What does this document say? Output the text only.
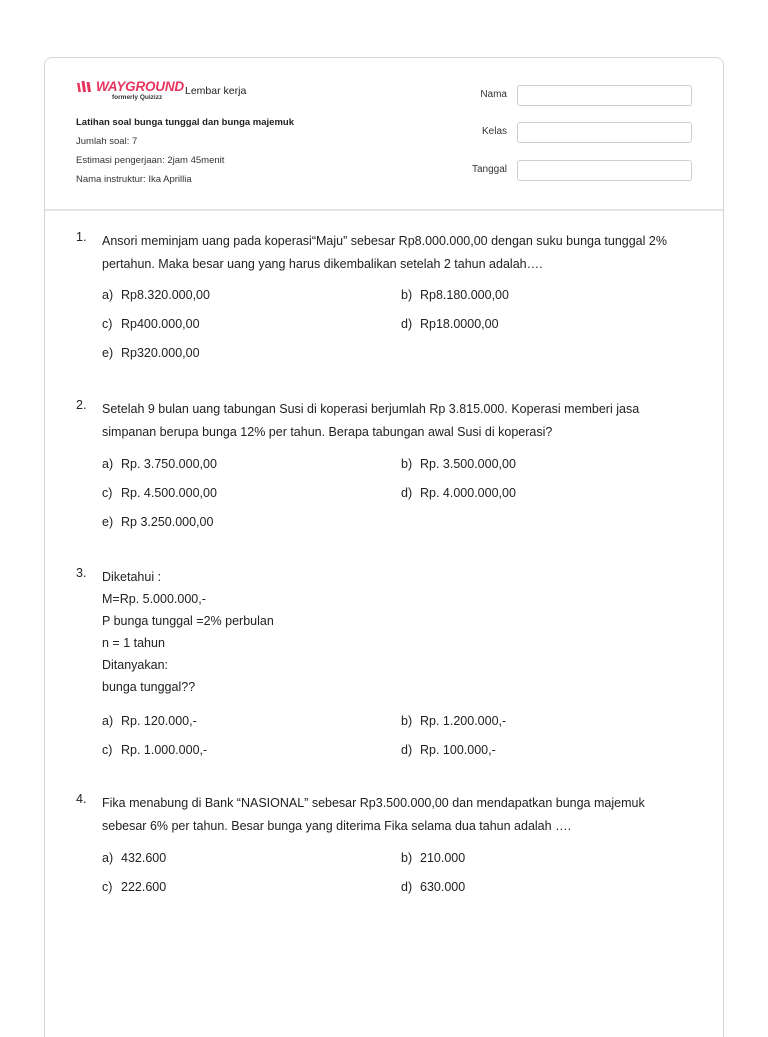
WAYGROUND
formerly Quizizz
Lembar kerja
Latihan soal bunga tunggal dan bunga majemuk
Jumlah soal: 7
Estimasi pengerjaan: 2jam 45menit
Nama instruktur: Ika Aprillia
Nama
Kelas
Tanggal
1. Ansori meminjam uang pada koperasi“Maju” sebesar Rp8.000.000,00 dengan suku bunga tunggal 2%
pertahun. Maka besar uang yang harus dikembalikan setelah 2 tahun adalah….
a) Rp8.320.000,00	b) Rp8.180.000,00
c) Rp400.000,00	d) Rp18.0000,00
e) Rp320.000,00
2. Setelah 9 bulan uang tabungan Susi di koperasi berjumlah Rp 3.815.000. Koperasi memberi jasa
simpanan berupa bunga 12% per tahun. Berapa tabungan awal Susi di koperasi?
a) Rp. 3.750.000,00	b) Rp. 3.500.000,00
c) Rp. 4.500.000,00	d) Rp. 4.000.000,00
e) Rp 3.250.000,00
3. Diketahui :
M=Rp. 5.000.000,-
P bunga tunggal =2% perbulan
n = 1 tahun
Ditanyakan:
bunga tunggal??
a) Rp. 120.000,-	b) Rp. 1.200.000,-
c) Rp. 1.000.000,-	d) Rp. 100.000,-
4. Fika menabung di Bank “NASIONAL” sebesar Rp3.500.000,00 dan mendapatkan bunga majemuk
sebesar 6% per tahun. Besar bunga yang diterima Fika selama dua tahun adalah ….
a) 432.600	b) 210.000
c) 222.600	d) 630.000
